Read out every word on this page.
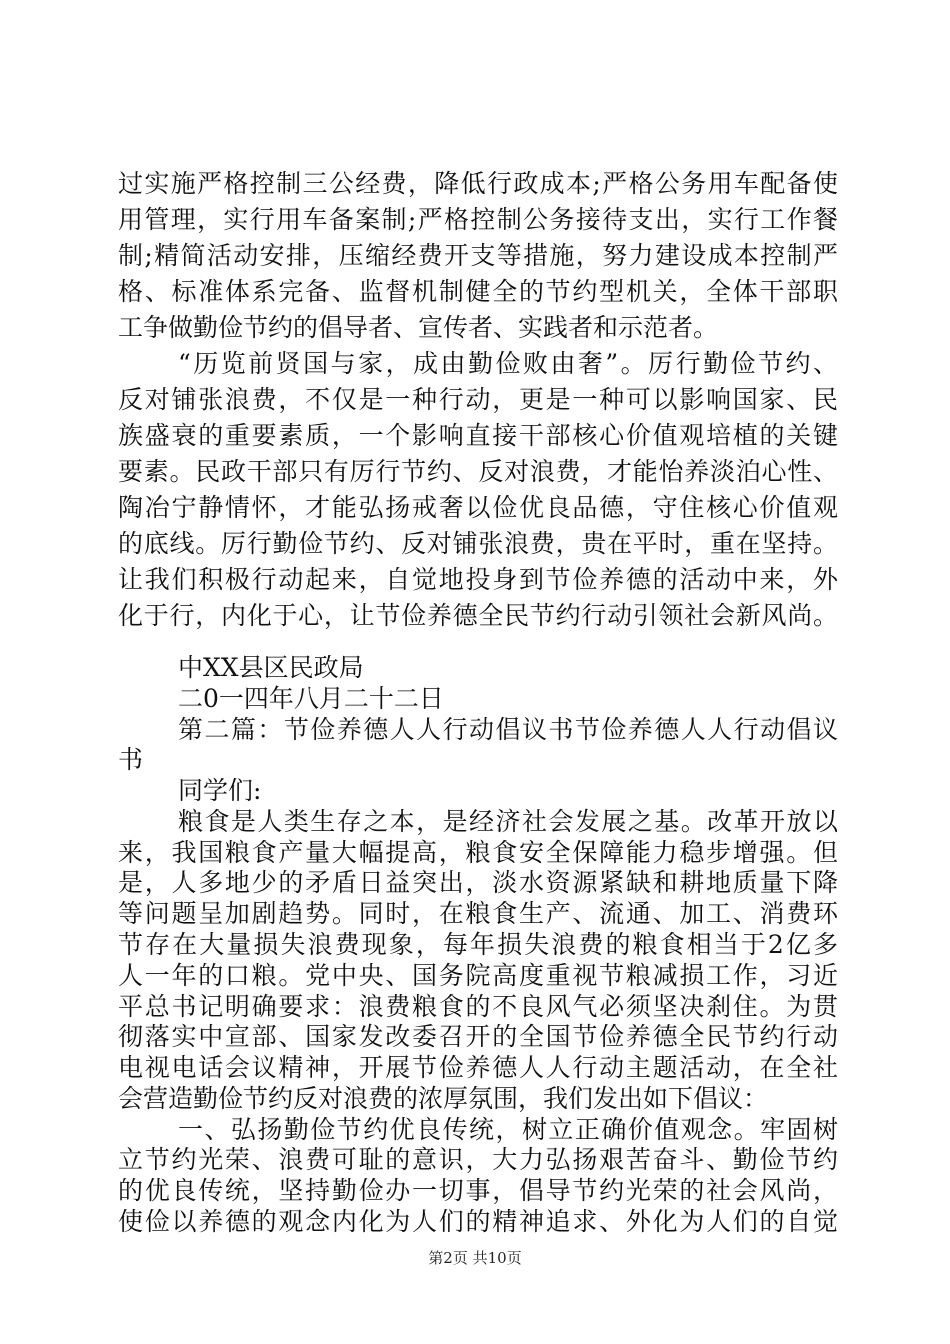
过实施严格控制三公经费，降低行政成本;严格公务用车配备使
用管理，实行用车备案制;严格控制公务接待支出，实行工作餐
制;精简活动安排，压缩经费开支等措施，努力建设成本控制严
格、标准体系完备、监督机制健全的节约型机关，全体干部职
工争做勤俭节约的倡导者、宣传者、实践者和示范者。
“历览前贤国与家，成由勤俭败由奢”。厉行勤俭节约、
反对铺张浪费，不仅是一种行动，更是一种可以影响国家、民
族盛衰的重要素质，一个影响直接干部核心价值观培植的关键
要素。民政干部只有厉行节约、反对浪费，才能怡养淡泊心性、
陶冶宁静情怀，才能弘扬戒奢以俭优良品德，守住核心价值观
的底线。厉行勤俭节约、反对铺张浪费，贵在平时，重在坚持。
让我们积极行动起来，自觉地投身到节俭养德的活动中来，外
化于行，内化于心，让节俭养德全民节约行动引领社会新风尚。
中XX县区民政局
二0一四年八月二十二日
第二篇：节俭养德人人行动倡议书节俭养德人人行动倡议
书
同学们:
粮食是人类生存之本，是经济社会发展之基。改革开放以
来，我国粮食产量大幅提高，粮食安全保障能力稳步增强。但
是，人多地少的矛盾日益突出，淡水资源紧缺和耕地质量下降
等问题呈加剧趋势。同时，在粮食生产、流通、加工、消费环
节存在大量损失浪费现象，每年损失浪费的粮食相当于2亿多
人一年的口粮。党中央、国务院高度重视节粮减损工作，习近
平总书记明确要求：浪费粮食的不良风气必须坚决刹住。为贯
彻落实中宣部、国家发改委召开的全国节俭养德全民节约行动
电视电话会议精神，开展节俭养德人人行动主题活动，在全社
会营造勤俭节约反对浪费的浓厚氛围，我们发出如下倡议：
一、弘扬勤俭节约优良传统，树立正确价值观念。牢固树
立节约光荣、浪费可耻的意识，大力弘扬艰苦奋斗、勤俭节约
的优良传统，坚持勤俭办一切事，倡导节约光荣的社会风尚，
使俭以养德的观念内化为人们的精神追求、外化为人们的自觉
第2页 共10页
